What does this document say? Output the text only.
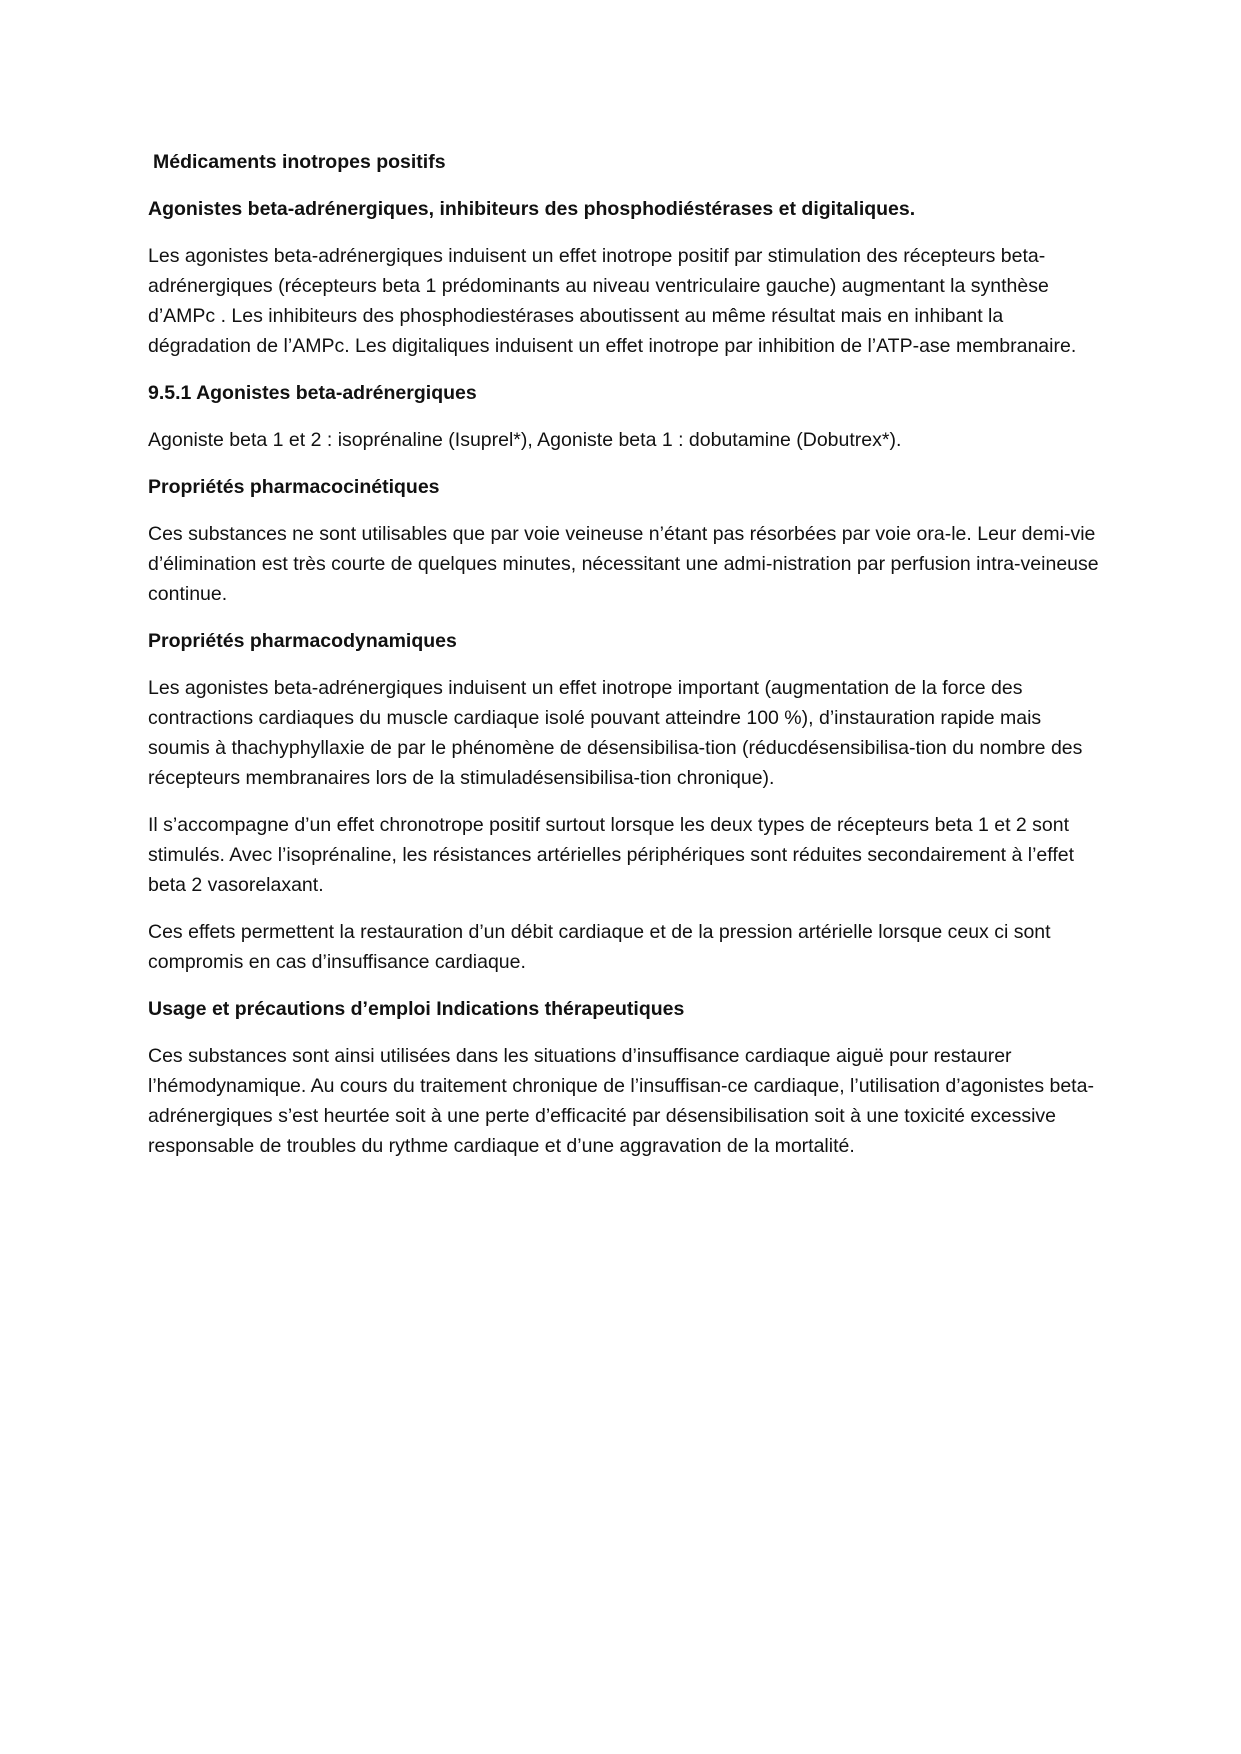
Médicaments inotropes positifs

Agonistes beta-adrénergiques, inhibiteurs des phosphodiéstérases et digitaliques.

Les agonistes beta-adrénergiques induisent un effet inotrope positif par stimulation des récepteurs beta-adrénergiques (récepteurs beta 1 prédominants au niveau ventriculaire gauche) augmentant la synthèse d’AMPc . Les inhibiteurs des phosphodiestérases aboutissent au même résultat mais en inhibant la dégradation de l’AMPc. Les digitaliques induisent un effet inotrope par inhibition de l’ATP-ase membranaire.

9.5.1 Agonistes beta-adrénergiques

Agoniste beta 1 et 2 : isoprénaline (Isuprel*), Agoniste beta 1 : dobutamine (Dobutrex*).

Propriétés pharmacocinétiques

Ces substances ne sont utilisables que par voie veineuse n’étant pas résorbées par voie ora-le. Leur demi-vie d’élimination est très courte de quelques minutes, nécessitant une admi-nistration par perfusion intra-veineuse continue.

Propriétés pharmacodynamiques

Les agonistes beta-adrénergiques induisent un effet inotrope important (augmentation de la force des contractions cardiaques du muscle cardiaque isolé pouvant atteindre 100 %), d’instauration rapide mais soumis à thachyphyllaxie de par le phénomène de désensibilisa-tion (réducdésensibilisa-tion du nombre des récepteurs membranaires lors de la stimuladésensibilisa-tion chronique).

Il s’accompagne d’un effet chronotrope positif surtout lorsque les deux types de récepteurs beta 1 et 2 sont stimulés. Avec l’isoprénaline, les résistances artérielles périphériques sont réduites secondairement à l’effet beta 2 vasorelaxant.

Ces effets permettent la restauration d’un débit cardiaque et de la pression artérielle lorsque ceux ci sont compromis en cas d’insuffisance cardiaque.

Usage et précautions d’emploi Indications thérapeutiques

Ces substances sont ainsi utilisées dans les situations d’insuffisance cardiaque aiguë pour restaurer l’hémodynamique. Au cours du traitement chronique de l’insuffisan-ce cardiaque, l’utilisation d’agonistes beta-adrénergiques s’est heurtée soit à une perte d’efficacité par désensibilisation soit à une toxicité excessive responsable de troubles du rythme cardiaque et d’une aggravation de la mortalité.
